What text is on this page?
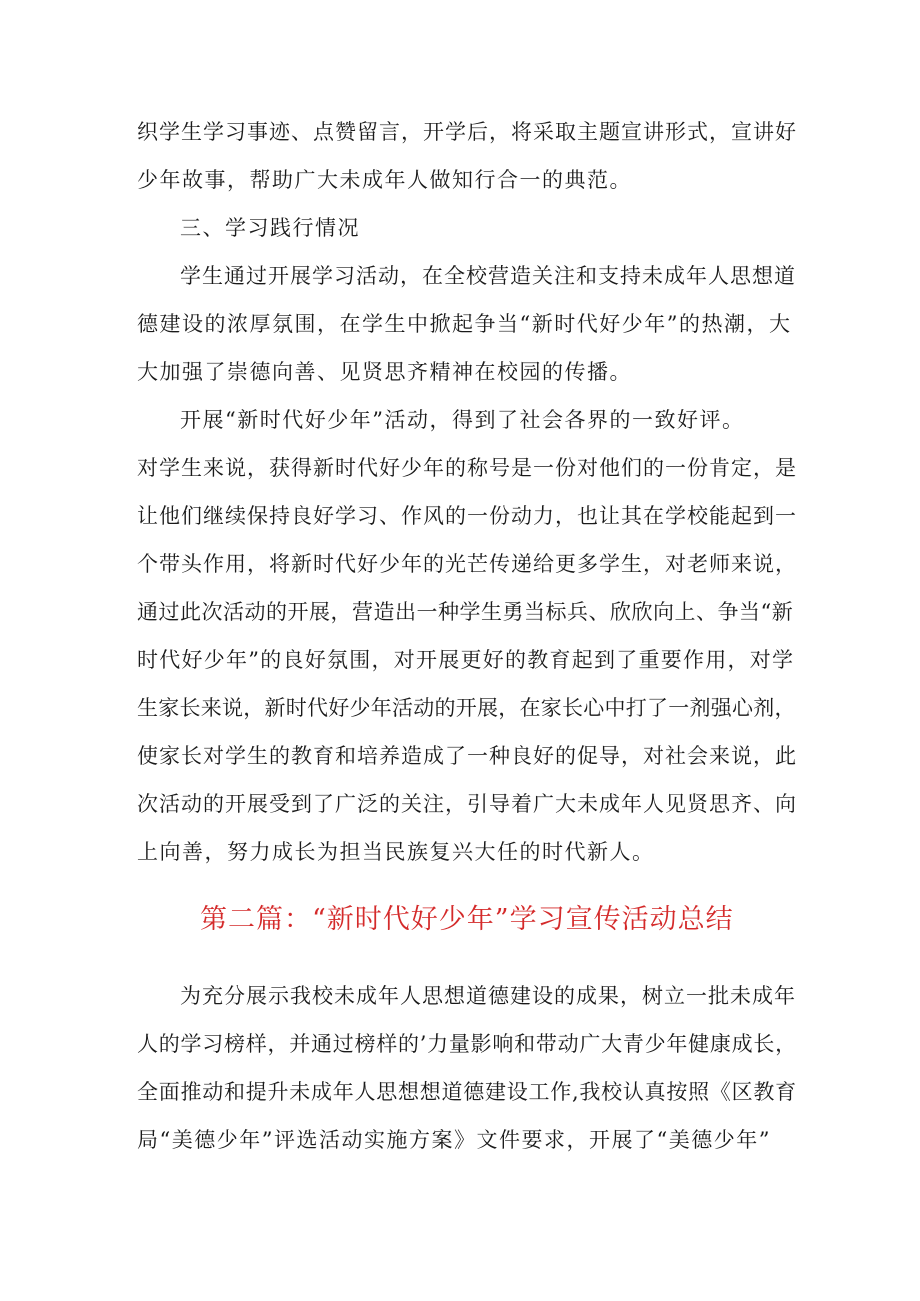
织学生学习事迹、点赞留言，开学后，将采取主题宣讲形式，宣讲好
少年故事，帮助广大未成年人做知行合一的典范。
三、学习践行情况
学生通过开展学习活动，在全校营造关注和支持未成年人思想道
德建设的浓厚氛围，在学生中掀起争当“新时代好少年”的热潮，大
大加强了崇德向善、见贤思齐精神在校园的传播。
开展“新时代好少年”活动，得到了社会各界的一致好评。
对学生来说，获得新时代好少年的称号是一份对他们的一份肯定，是
让他们继续保持良好学习、作风的一份动力，也让其在学校能起到一
个带头作用，将新时代好少年的光芒传递给更多学生，对老师来说，
通过此次活动的开展，营造出一种学生勇当标兵、欣欣向上、争当“新
时代好少年”的良好氛围，对开展更好的教育起到了重要作用，对学
生家长来说，新时代好少年活动的开展，在家长心中打了一剂强心剂，
使家长对学生的教育和培养造成了一种良好的促导，对社会来说，此
次活动的开展受到了广泛的关注，引导着广大未成年人见贤思齐、向
上向善，努力成长为担当民族复兴大任的时代新人。
第二篇：“新时代好少年”学习宣传活动总结
为充分展示我校未成年人思想道德建设的成果，树立一批未成年
人的学习榜样，并通过榜样的’力量影响和带动广大青少年健康成长，
全面推动和提升未成年人思想想道德建设工作,我校认真按照《区教育
局“美德少年”评选活动实施方案》文件要求，开展了“美德少年”
